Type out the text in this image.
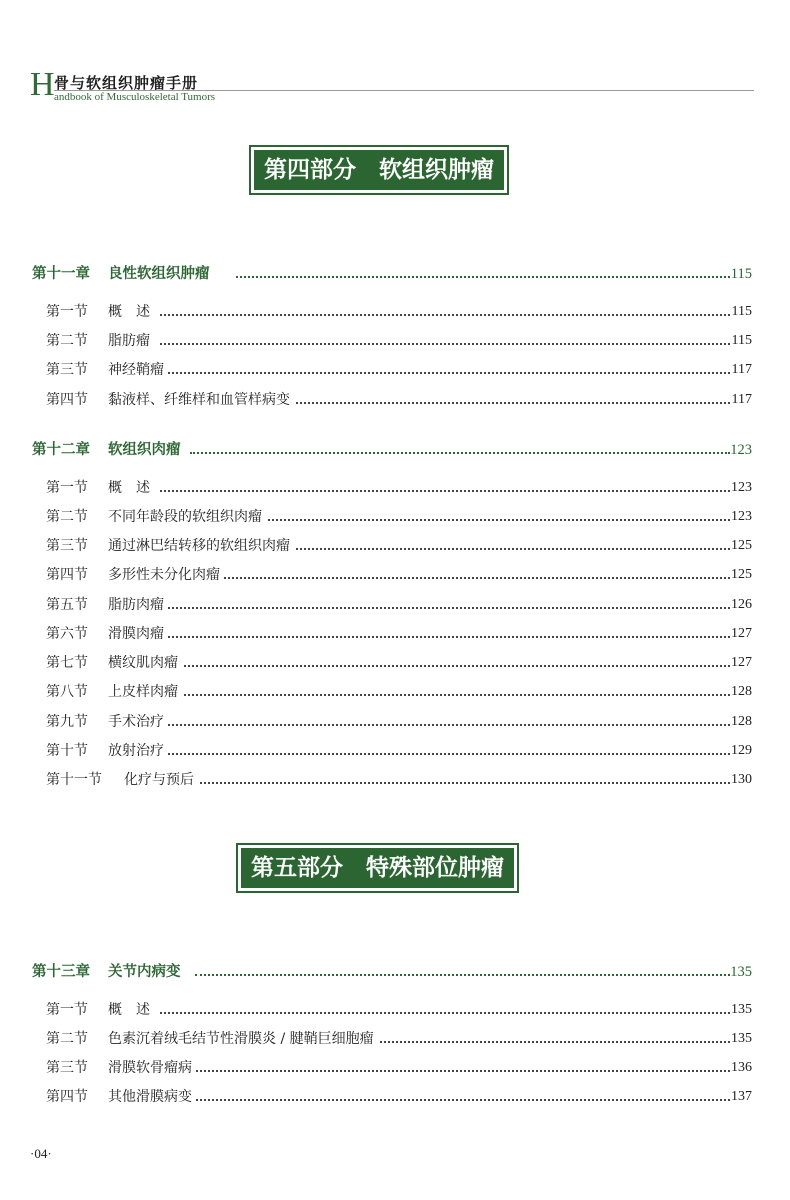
H 骨与软组织肿瘤手册
andbook of Musculoskeletal Tumors
第四部分　软组织肿瘤
第十一章 良性软组织肿瘤	115
第一节 概　述	115
第二节 脂肪瘤	115
第三节 神经鞘瘤	117
第四节 黏液样、纤维样和血管样病变	117
第十二章 软组织肉瘤	123
第一节 概　述	123
第二节 不同年龄段的软组织肉瘤	123
第三节 通过淋巴结转移的软组织肉瘤	125
第四节 多形性未分化肉瘤	125
第五节 脂肪肉瘤	126
第六节 滑膜肉瘤	127
第七节 横纹肌肉瘤	127
第八节 上皮样肉瘤	128
第九节 手术治疗	128
第十节 放射治疗	129
第十一节 化疗与预后	130
第五部分　特殊部位肿瘤
第十三章 关节内病变	135
第一节 概　述	135
第二节 色素沉着绒毛结节性滑膜炎 / 腱鞘巨细胞瘤	135
第三节 滑膜软骨瘤病	136
第四节 其他滑膜病变	137
·04·
